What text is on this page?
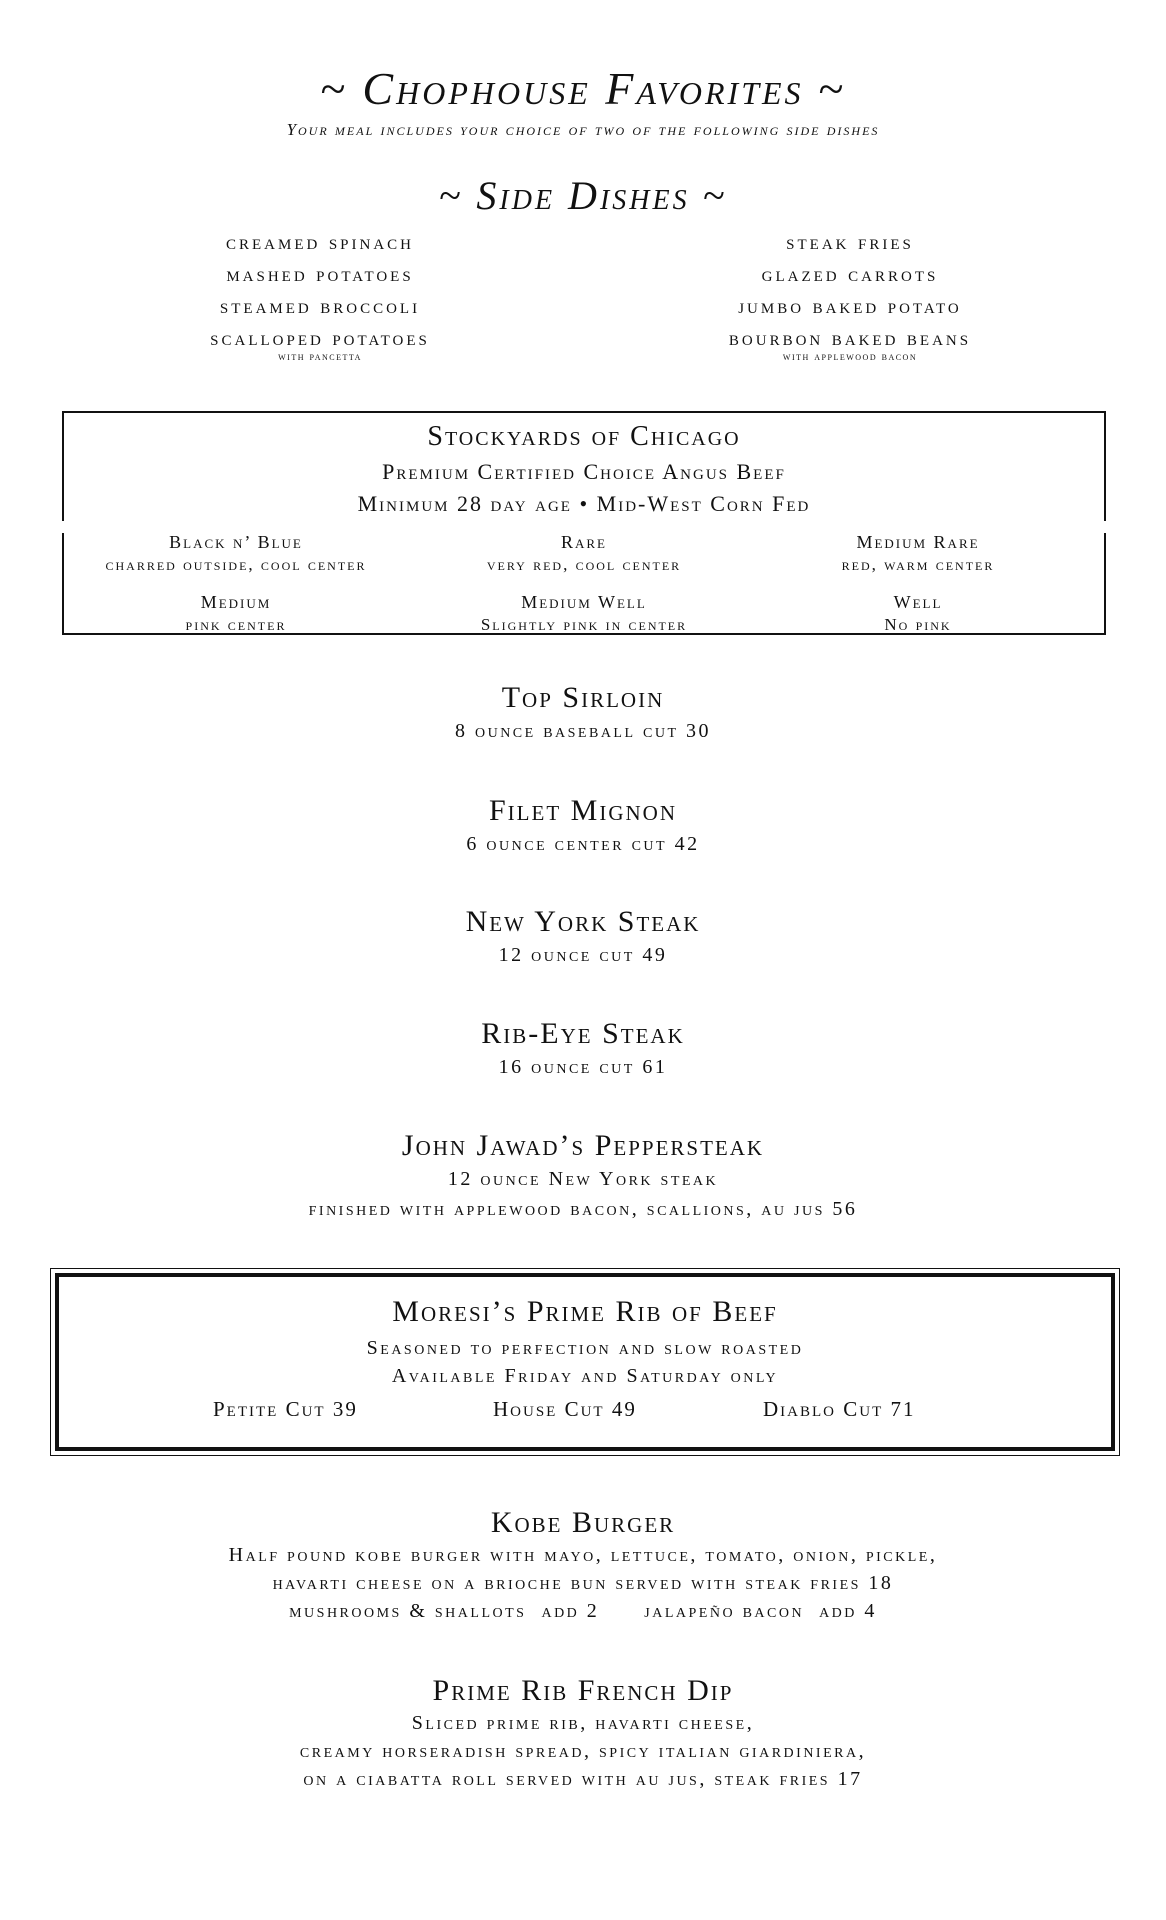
~ Chophouse Favorites ~
Your meal includes your choice of two of the following side dishes
~ Side Dishes ~
creamed spinach
mashed potatoes
steamed broccoli
scalloped potatoes
with pancetta
steak fries
glazed carrots
jumbo baked potato
bourbon baked beans
with applewood bacon
Stockyards of Chicago
Premium Certified Choice Angus Beef
Minimum 28 day age • Mid-West Corn Fed
Black n’ Blue
charred outside, cool center
Rare
very red, cool center
Medium Rare
red, warm center
Medium
pink center
Medium Well
Slightly pink in center
Well
No pink
Top Sirloin
8 ounce baseball cut 30
Filet Mignon
6 ounce center cut 42
New York Steak
12 ounce cut 49
Rib-Eye Steak
16 ounce cut 61
John Jawad’s Peppersteak
12 ounce New York steak
finished with applewood bacon, scallions, au jus 56
Moresi’s Prime Rib of Beef
Seasoned to perfection and slow roasted
Available Friday and Saturday only
Petite Cut 39	House Cut 49	Diablo Cut 71
Kobe Burger
Half pound kobe burger with mayo, lettuce, tomato, onion, pickle,
havarti cheese on a brioche bun served with steak fries 18
mushrooms & shallots  add 2      jalapeño bacon  add 4
Prime Rib French Dip
Sliced prime rib, havarti cheese,
creamy horseradish spread, spicy italian giardiniera,
on a ciabatta roll served with au jus, steak fries 17
